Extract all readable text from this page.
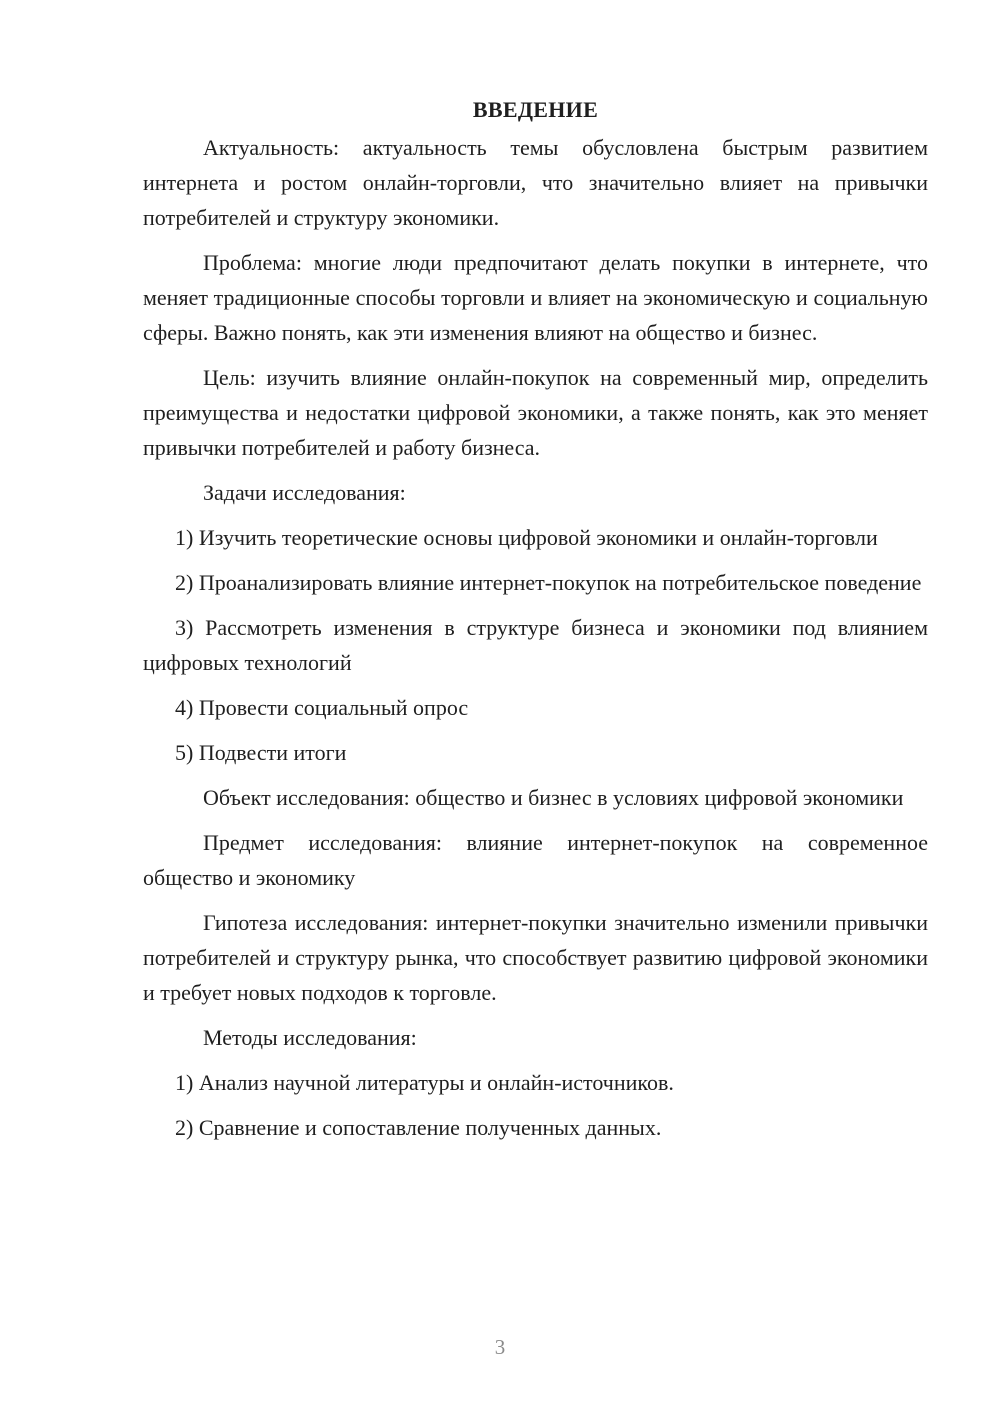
ВВЕДЕНИЕ

Актуальность: актуальность темы обусловлена быстрым развитием интернета и ростом онлайн-торговли, что значительно влияет на привычки потребителей и структуру экономики.

Проблема: многие люди предпочитают делать покупки в интернете, что меняет традиционные способы торговли и влияет на экономическую и социальную сферы. Важно понять, как эти изменения влияют на общество и бизнес.

Цель: изучить влияние онлайн-покупок на современный мир, определить преимущества и недостатки цифровой экономики, а также понять, как это меняет привычки потребителей и работу бизнеса.

Задачи исследования:

1) Изучить теоретические основы цифровой экономики и онлайн-торговли

2) Проанализировать влияние интернет-покупок на потребительское поведение

3) Рассмотреть изменения в структуре бизнеса и экономики под влиянием цифровых технологий

4) Провести социальный опрос

5) Подвести итоги

Объект исследования: общество и бизнес в условиях цифровой экономики

Предмет исследования: влияние интернет-покупок на современное общество и экономику

Гипотеза исследования: интернет-покупки значительно изменили привычки потребителей и структуру рынка, что способствует развитию цифровой экономики и требует новых подходов к торговле.

Методы исследования:

1) Анализ научной литературы и онлайн-источников.

2) Сравнение и сопоставление полученных данных.

3
